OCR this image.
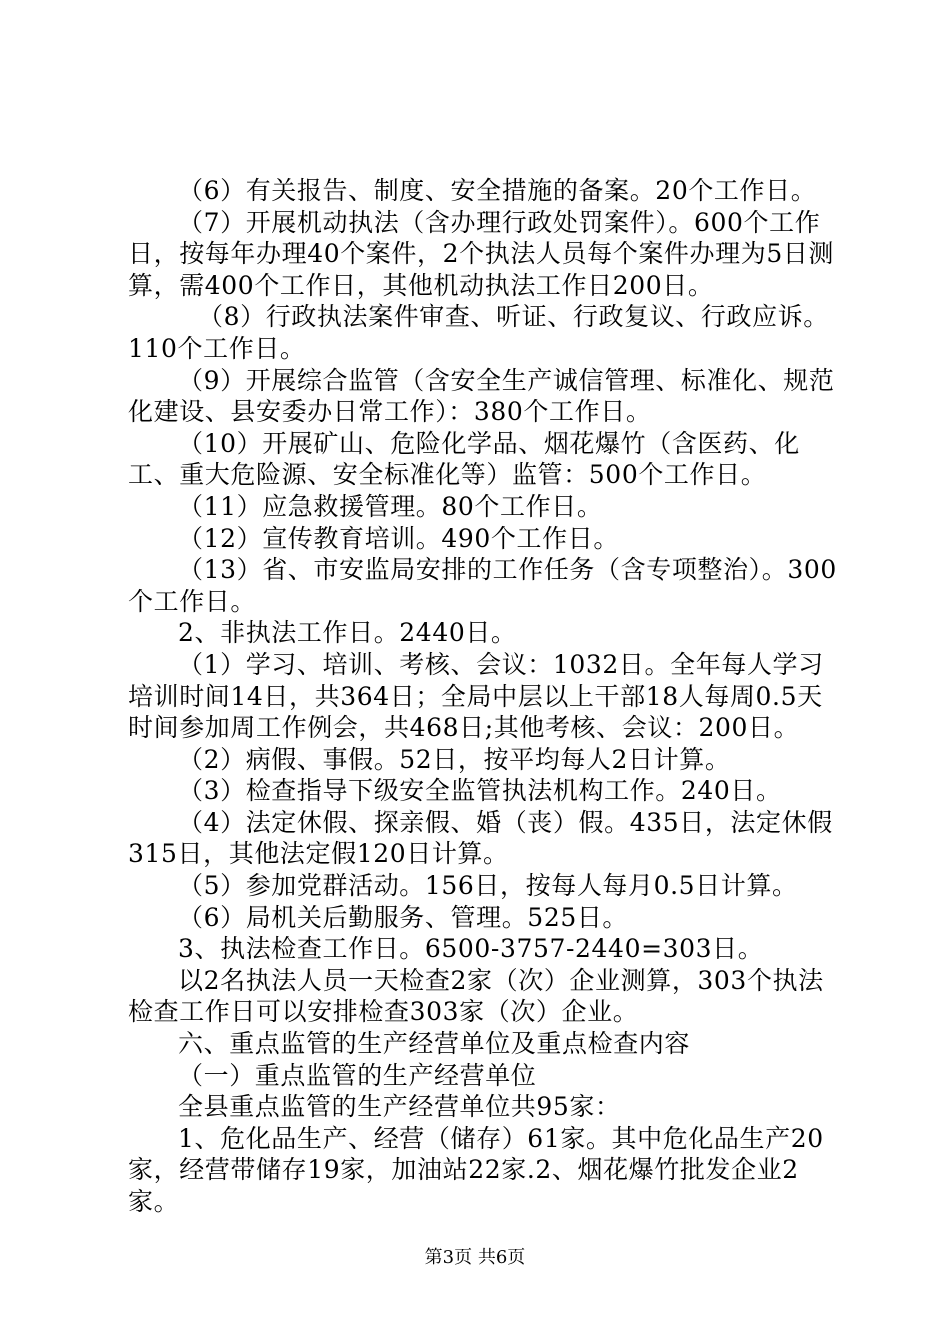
（6）有关报告、制度、安全措施的备案。20个工作日。

（7）开展机动执法（含办理行政处罚案件）。600个工作日，按每年办理40个案件，2个执法人员每个案件办理为5日测算，需400个工作日，其他机动执法工作日200日。

（8）行政执法案件审查、听证、行政复议、行政应诉。110个工作日。

（9）开展综合监管（含安全生产诚信管理、标准化、规范化建设、县安委办日常工作）：380个工作日。

（10）开展矿山、危险化学品、烟花爆竹（含医药、化工、重大危险源、安全标准化等）监管：500个工作日。

（11）应急救援管理。80个工作日。

（12）宣传教育培训。490个工作日。

（13）省、市安监局安排的工作任务（含专项整治）。300个工作日。

2、非执法工作日。2440日。

（1）学习、培训、考核、会议：1032日。全年每人学习培训时间14日，共364日；全局中层以上干部18人每周0.5天时间参加周工作例会，共468日;其他考核、会议：200日。

（2）病假、事假。52日，按平均每人2日计算。

（3）检查指导下级安全监管执法机构工作。240日。

（4）法定休假、探亲假、婚（丧）假。435日，法定休假315日，其他法定假120日计算。

（5）参加党群活动。156日，按每人每月0.5日计算。

（6）局机关后勤服务、管理。525日。

3、执法检查工作日。6500-3757-2440=303日。

以2名执法人员一天检查2家（次）企业测算，303个执法检查工作日可以安排检查303家（次）企业。

六、重点监管的生产经营单位及重点检查内容

（一）重点监管的生产经营单位

全县重点监管的生产经营单位共95家：

1、危化品生产、经营（储存）61家。其中危化品生产20家，经营带储存19家，加油站22家.2、烟花爆竹批发企业2家。

第3页 共6页
